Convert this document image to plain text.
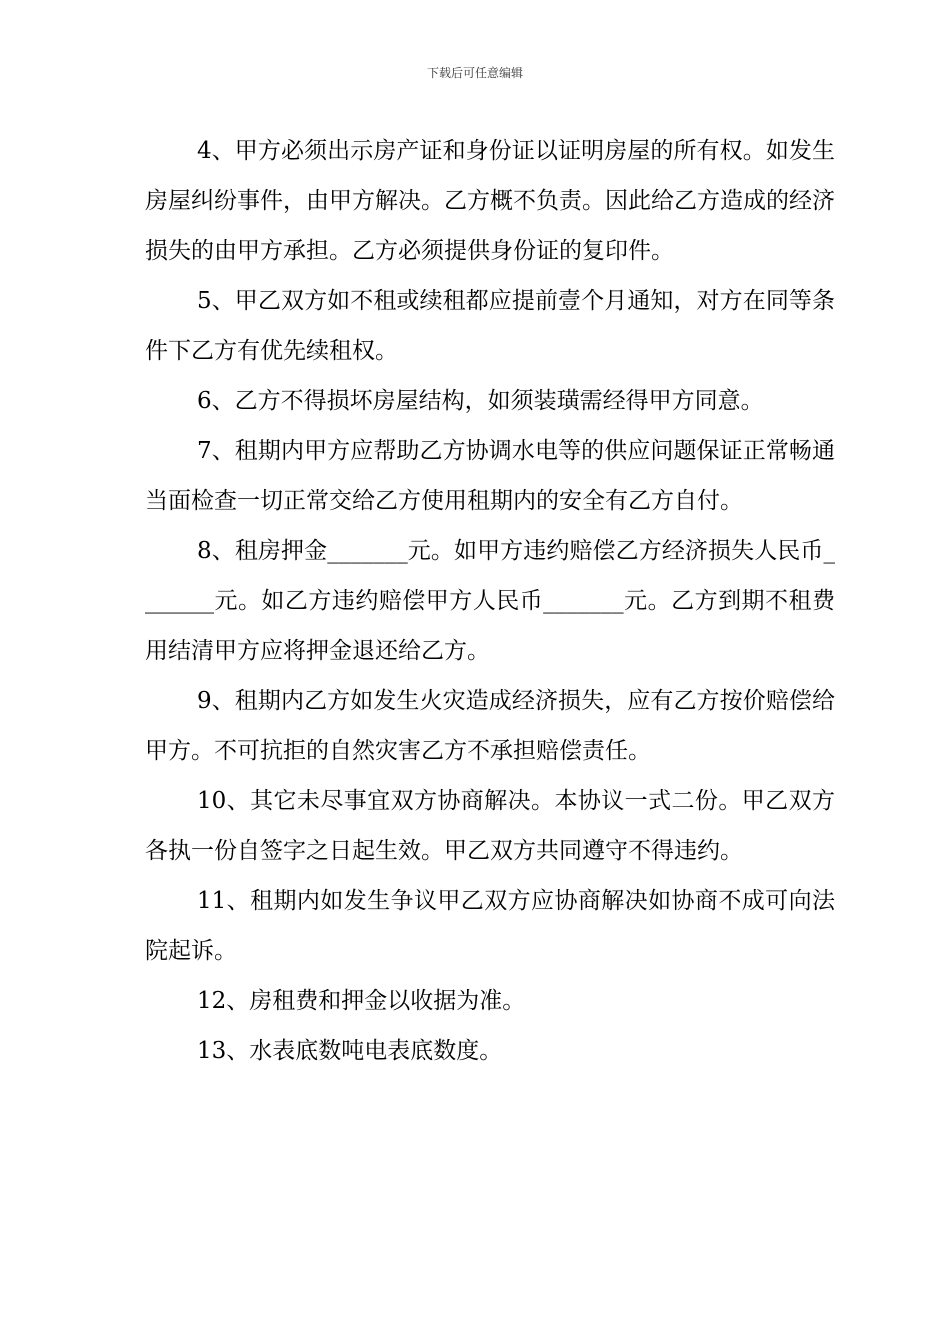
下载后可任意编辑

4、甲方必须出示房产证和身份证以证明房屋的所有权。如发生房屋纠纷事件，由甲方解决。乙方概不负责。因此给乙方造成的经济损失的由甲方承担。乙方必须提供身份证的复印件。

5、甲乙双方如不租或续租都应提前壹个月通知，对方在同等条件下乙方有优先续租权。

6、乙方不得损坏房屋结构，如须装璜需经得甲方同意。

7、租期内甲方应帮助乙方协调水电等的供应问题保证正常畅通当面检查一切正常交给乙方使用租期内的安全有乙方自付。

8、租房押金_______元。如甲方违约赔偿乙方经济损失人民币_______元。如乙方违约赔偿甲方人民币_______元。乙方到期不租费用结清甲方应将押金退还给乙方。

9、租期内乙方如发生火灾造成经济损失，应有乙方按价赔偿给甲方。不可抗拒的自然灾害乙方不承担赔偿责任。

10、其它未尽事宜双方协商解决。本协议一式二份。甲乙双方各执一份自签字之日起生效。甲乙双方共同遵守不得违约。

11、租期内如发生争议甲乙双方应协商解决如协商不成可向法院起诉。

12、房租费和押金以收据为准。

13、水表底数吨电表底数度。
